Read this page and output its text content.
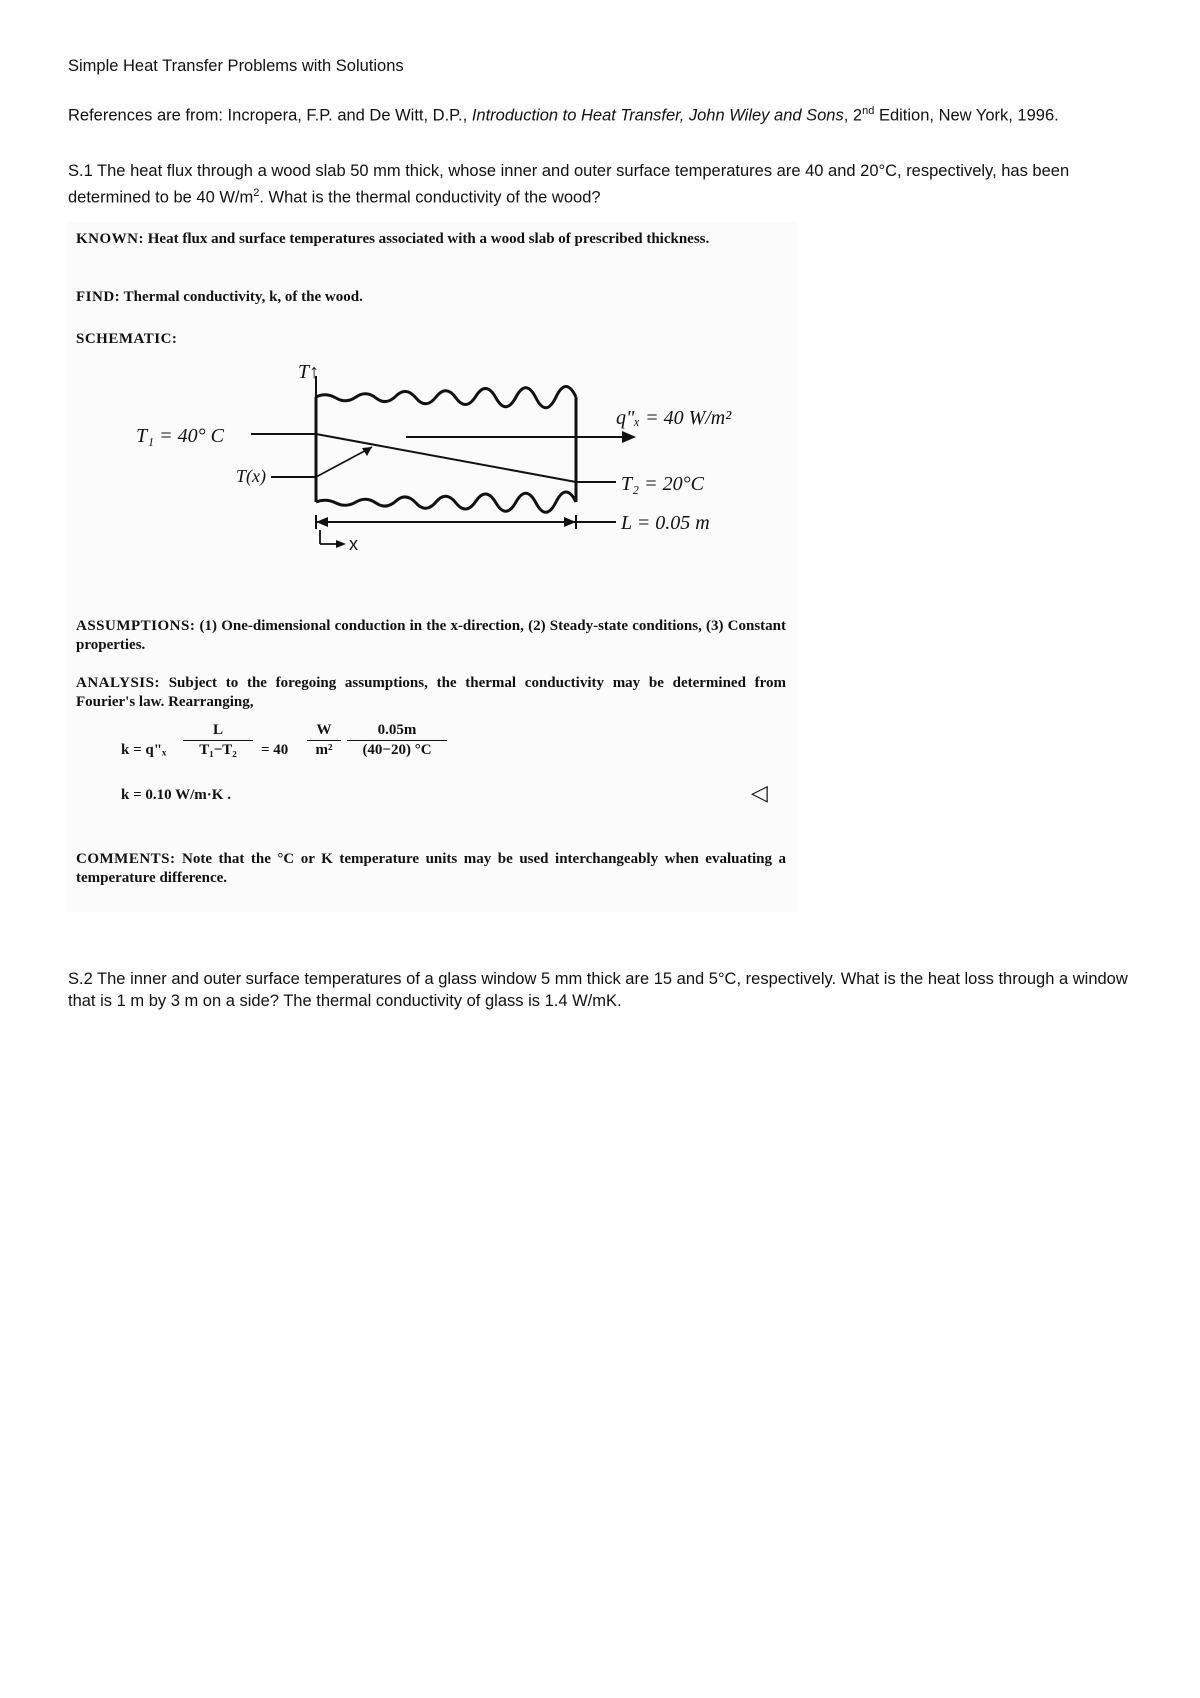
Simple Heat Transfer Problems with Solutions
References are from: Incropera, F.P. and De Witt, D.P., Introduction to Heat Transfer, John Wiley and Sons, 2nd Edition, New York, 1996.
S.1 The heat flux through a wood slab 50 mm thick, whose inner and outer surface temperatures are 40 and 20°C, respectively, has been determined to be 40 $W/m^2$. What is the thermal conductivity of the wood?
KNOWN: Heat flux and surface temperatures associated with a wood slab of prescribed thickness.
FIND: Thermal conductivity, k, of the wood.
SCHEMATIC:
T↑
T₁ = 40° C
T(x)
q"ₓ = 40 W/m²
T₂ = 20°C
L = 0.05 m
x
ASSUMPTIONS: (1) One-dimensional conduction in the x-direction, (2) Steady-state conditions, (3) Constant properties.
ANALYSIS: Subject to the foregoing assumptions, the thermal conductivity may be determined from Fourier's law. Rearranging,
k = q"ₓ $\frac{L}{\text{T₁−T₂}} = 40 \frac{W}{\text{m²}} \frac{0.05m}{(40-20) ^\circ C}$
k = 0.10 W/m·K .	◁
COMMENTS: Note that the °C or K temperature units may be used interchangeably when evaluating a temperature difference.
S.2 The inner and outer surface temperatures of a glass window 5 mm thick are 15 and 5°C, respectively. What is the heat loss through a window that is 1 m by 3 m on a side? The thermal conductivity of glass is 1.4 W/mK.
